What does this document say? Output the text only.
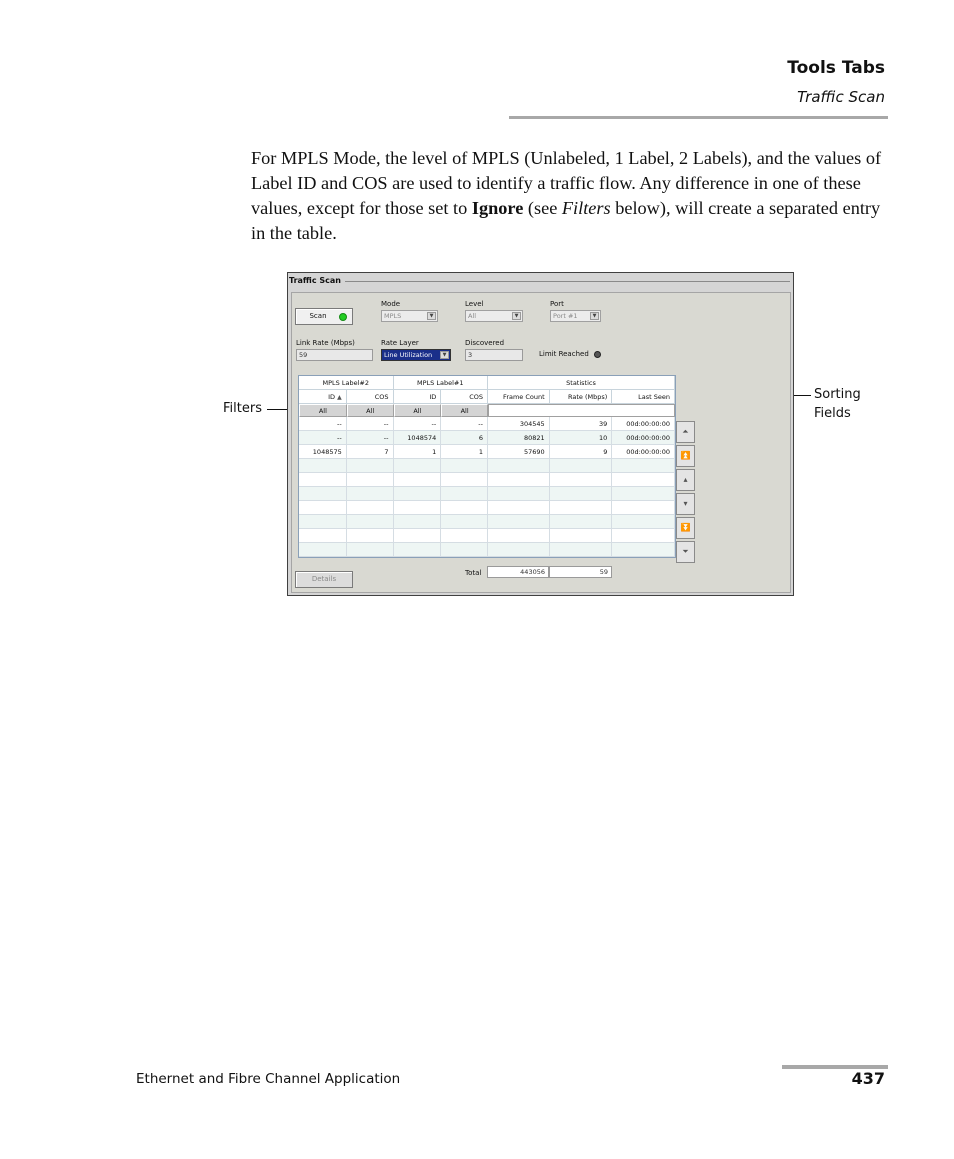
Tools Tabs
Traffic Scan

For MPLS Mode, the level of MPLS (Unlabeled, 1 Label, 2 Labels), and the values of Label ID and COS are used to identify a traffic flow. Any difference in one of these values, except for those set to Ignore (see Filters below), will create a separated entry in the table.

Filters
Sorting
Fields
Traffic Scan
Scan
Mode
MPLS	▼
Level
All	▼
Port
Port #1	▼
Link Rate (Mbps)
59
Rate Layer
Line Utilization	▼
Discovered
3	Limit Reached
MPLS Label#2	MPLS Label#1	Statistics
ID ▲	COS	ID	COS	Frame Count	Rate (Mbps)	Last Seen
All	All	All	All
--	--	--	--	304545	39	00d:00:00:00
--	--	1048574	6	80821	10	00d:00:00:00
1048575	7	1	1	57690	9	00d:00:00:00
⏶
⏫
▴
▾
⏬
⏷
Total	443056	59
Details
Ethernet and Fibre Channel Application	437
